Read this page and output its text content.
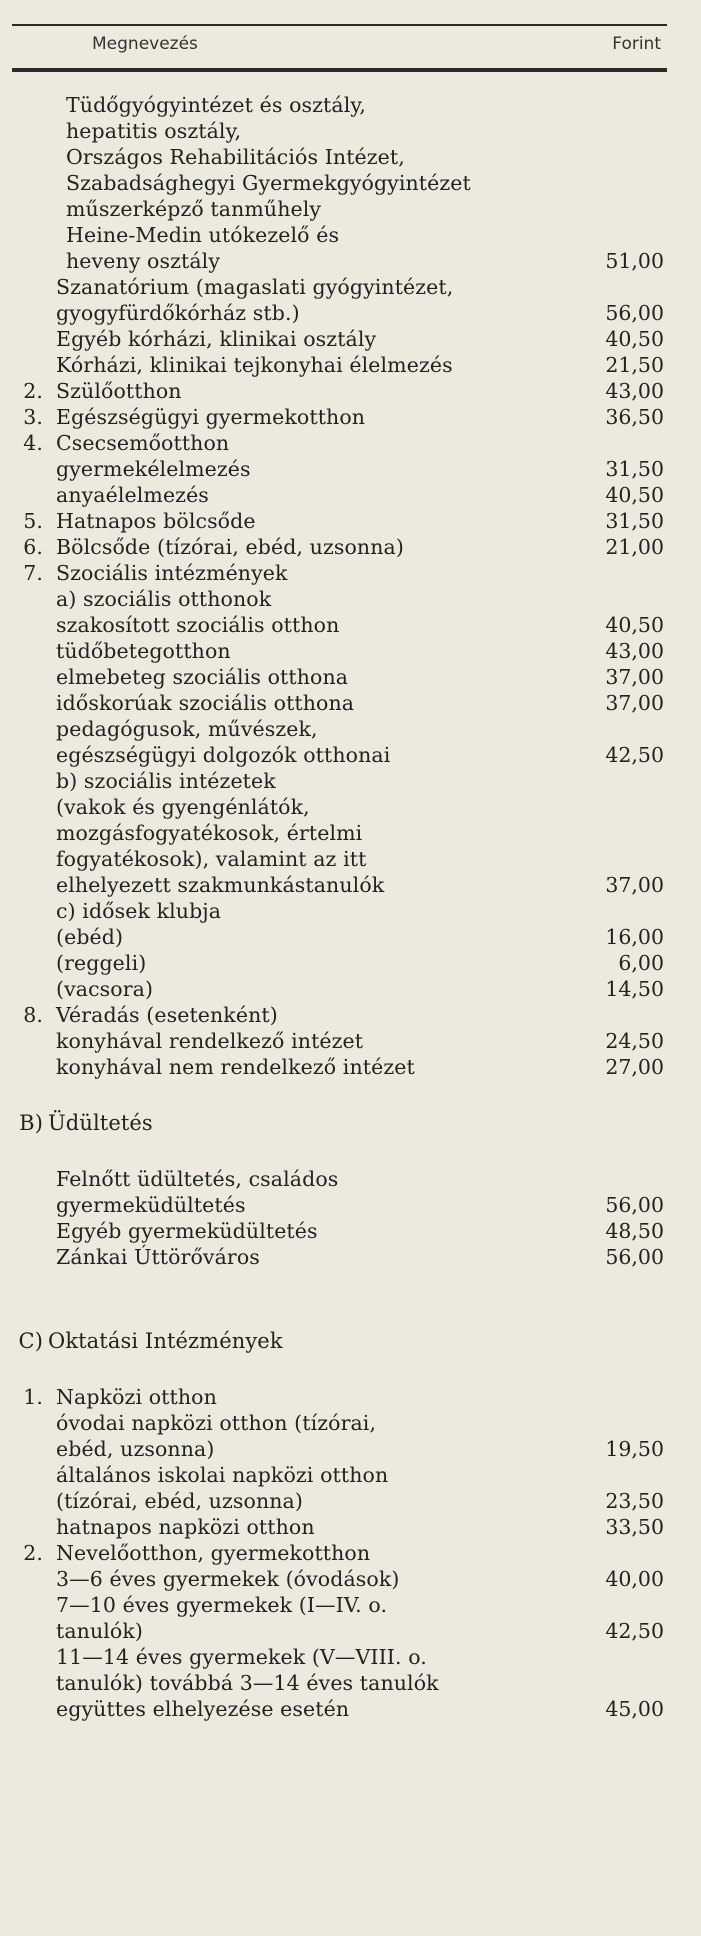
Megnevezés	Forint
Tüdőgyógyintézet és osztály,
hepatitis osztály,
Országos Rehabilitációs Intézet,
Szabadsághegyi Gyermekgyógyintézet
műszerképző tanműhely
Heine-Medin utókezelő és
heveny osztály	51,00
Szanatórium (magaslati gyógyintézet,
gyogyfürdőkórház stb.)	56,00
Egyéb kórházi, klinikai osztály	40,50
Kórházi, klinikai tejkonyhai élelmezés	21,50
2. Szülőotthon	43,00
3. Egészségügyi gyermekotthon	36,50
4. Csecsemőotthon
gyermekélelmezés	31,50
anyaélelmezés	40,50
5. Hatnapos bölcsőde	31,50
6. Bölcsőde (tízórai, ebéd, uzsonna)	21,00
7. Szociális intézmények
a) szociális otthonok
szakosított szociális otthon	40,50
tüdőbetegotthon	43,00
elmebeteg szociális otthona	37,00
időskorúak szociális otthona	37,00
pedagógusok, művészek,
egészségügyi dolgozók otthonai	42,50
b) szociális intézetek
(vakok és gyengénlátók,
mozgásfogyatékosok, értelmi
fogyatékosok), valamint az itt
elhelyezett szakmunkástanulók	37,00
c) idősek klubja
(ebéd)	16,00
(reggeli)	6,00
(vacsora)	14,50
8. Véradás (esetenként)
konyhával rendelkező intézet	24,50
konyhával nem rendelkező intézet	27,00
B) Üdültetés
Felnőtt üdültetés, családos
gyermeküdültetés	56,00
Egyéb gyermeküdültetés	48,50
Zánkai Úttörőváros	56,00
C) Oktatási Intézmények
1. Napközi otthon
óvodai napközi otthon (tízórai,
ebéd, uzsonna)	19,50
általános iskolai napközi otthon
(tízórai, ebéd, uzsonna)	23,50
hatnapos napközi otthon	33,50
2. Nevelőotthon, gyermekotthon
3—6 éves gyermekek (óvodások)	40,00
7—10 éves gyermekek (I—IV. o.
tanulók)	42,50
11—14 éves gyermekek (V—VIII. o.
tanulók) továbbá 3—14 éves tanulók
együttes elhelyezése esetén	45,00
